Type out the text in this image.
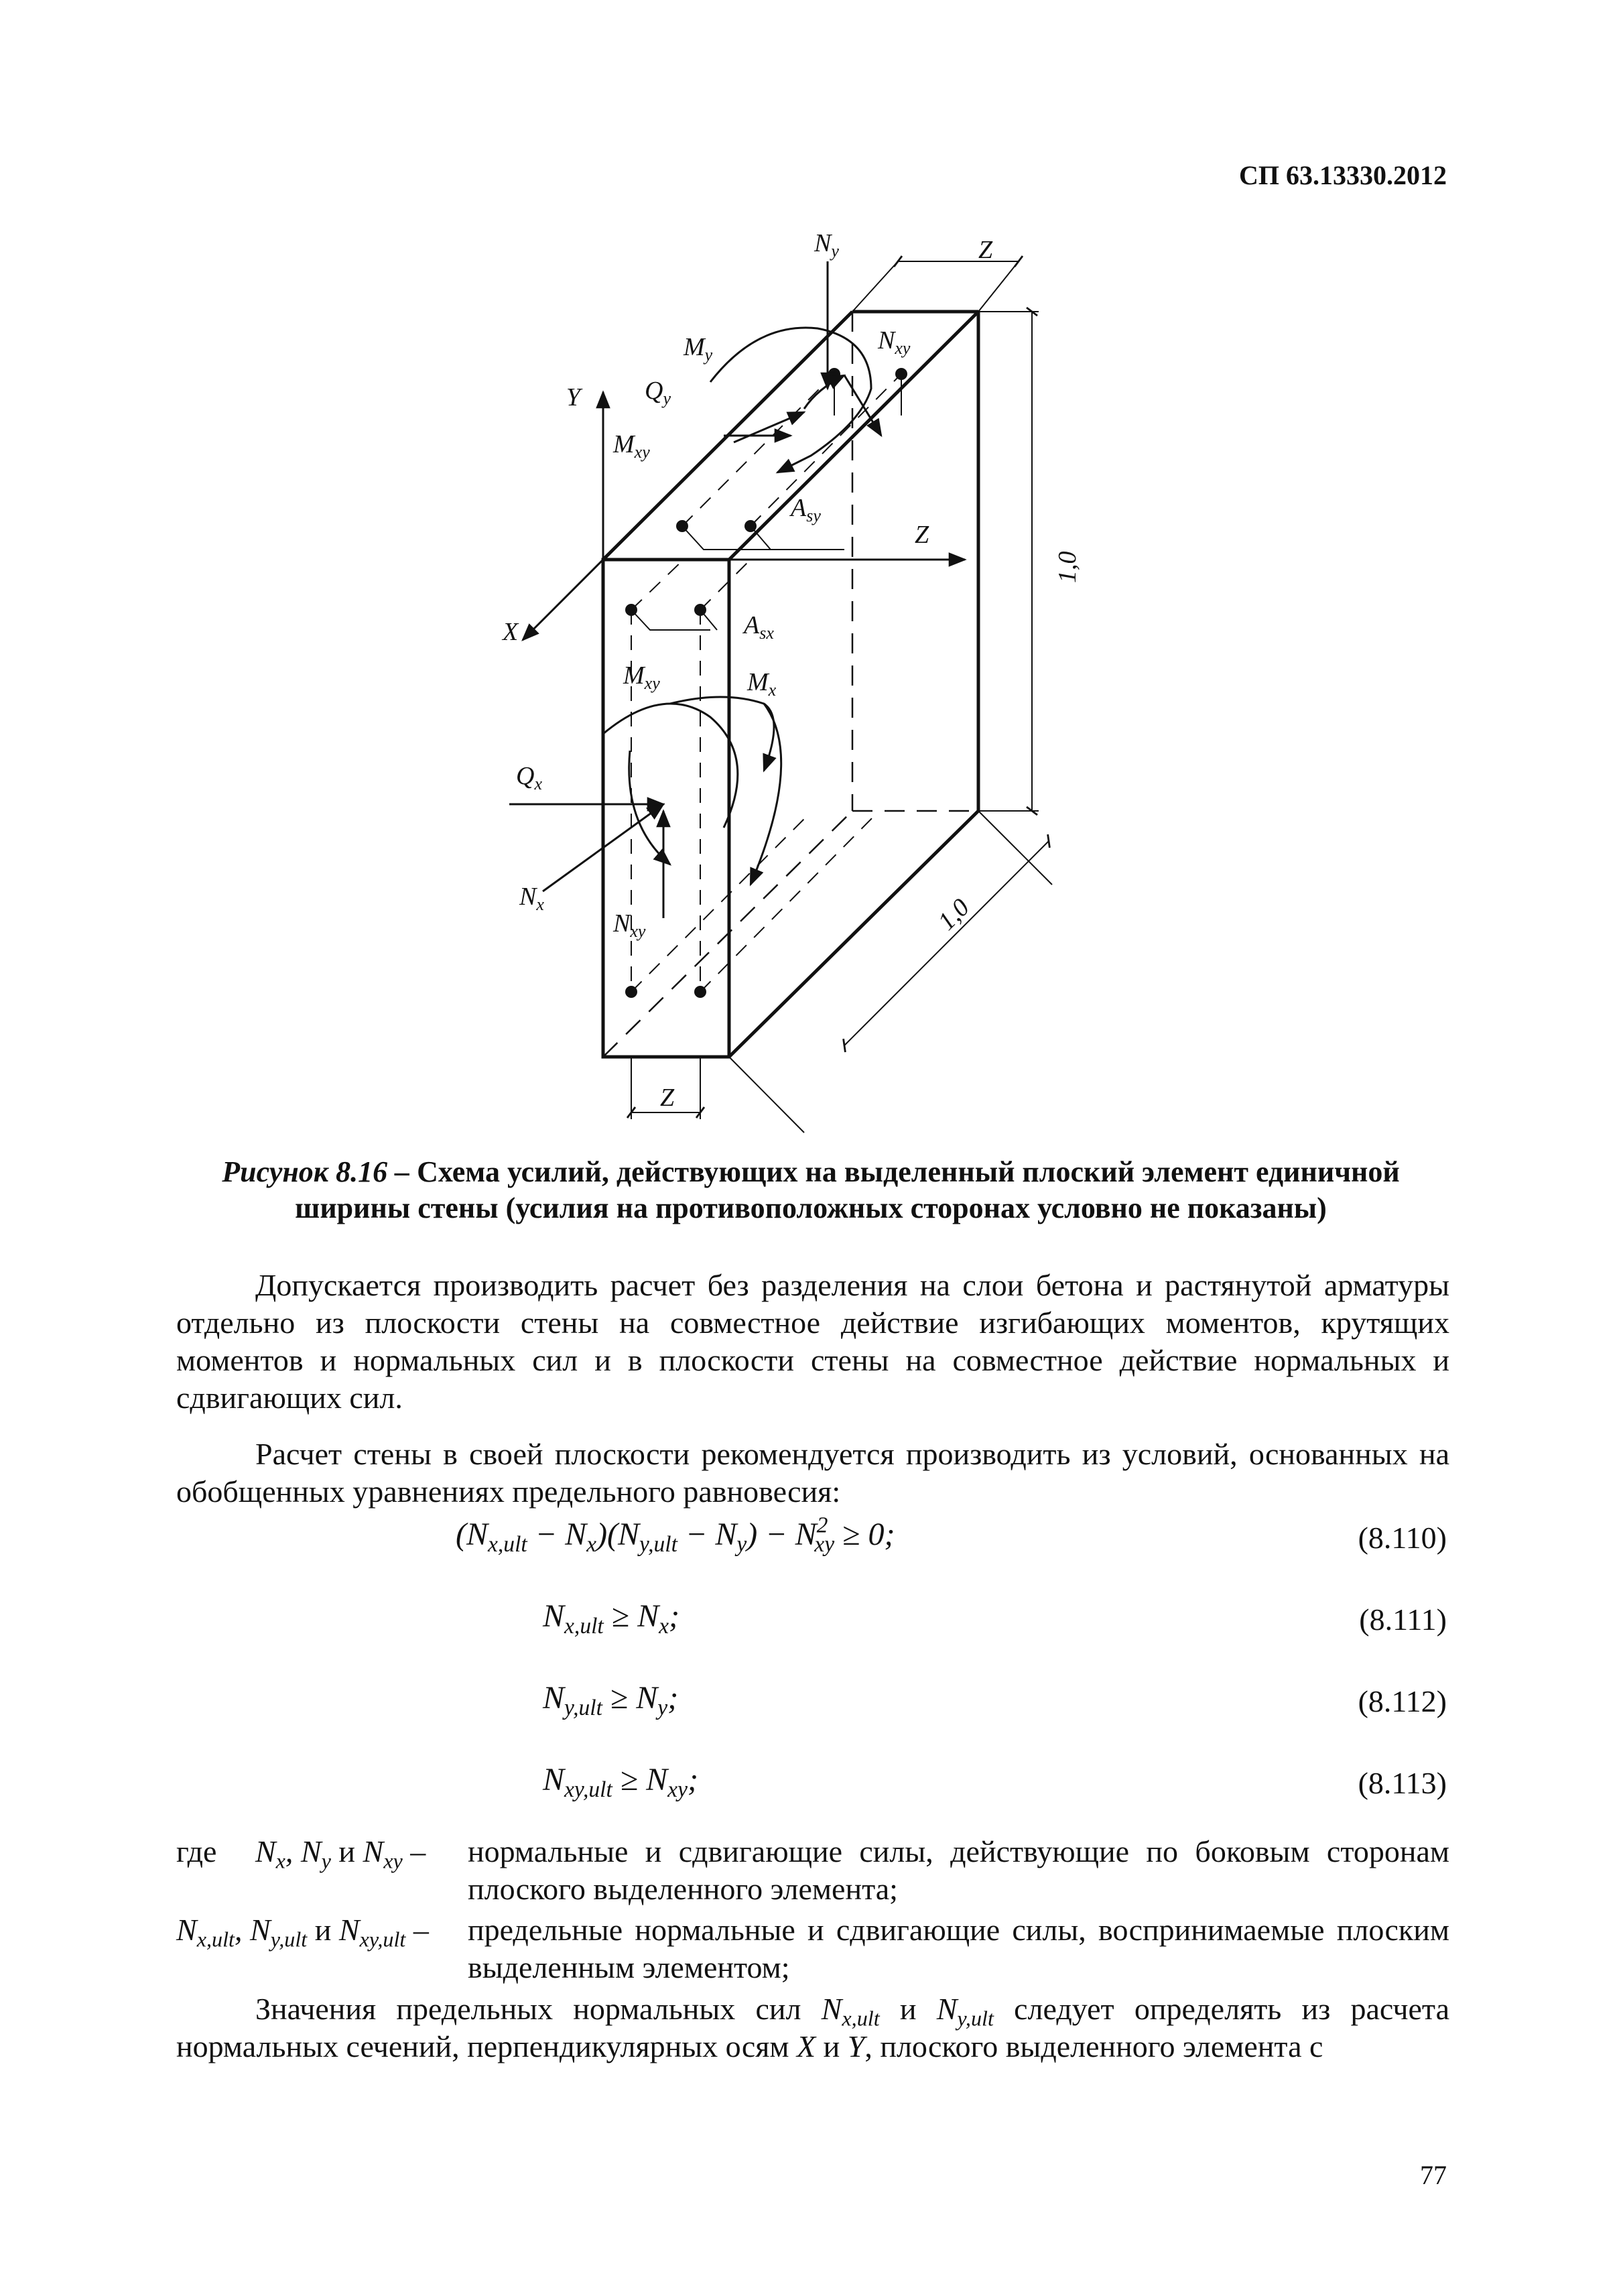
СП 63.13330.2012
Y
X
Z
Z
Z
$N_y$
$N_{xy}$
$M_y$
$Q_y$
$M_{xy}$
$A_{sy}$
$A_{sx}$
$M_{xy}$	$M_x$
$Q_x$
$N_x$
$N_{xy}$
1,0
1,0
Рисунок 8.16 – Схема усилий, действующих на выделенный плоский элемент единичной ширины стены (усилия на противоположных сторонах условно не показаны)
Допускается производить расчет без разделения на слои бетона и растянутой арматуры отдельно из плоскости стены на совместное действие изгибающих моментов, крутящих моментов и нормальных сил и в плоскости стены на совместное действие нормальных и сдвигающих сил.
Расчет стены в своей плоскости рекомендуется производить из условий, основанных на обобщенных уравнениях предельного равновесия:
$(N_{x,ult} - N_x)(N_{y,ult} - N_y) - N^2_{xy} \ge 0$;	(8.110)
$N_{x,ult} \ge N_x$;	(8.111)
$N_{y,ult} \ge N_y$;	(8.112)
$N_{xy,ult} \ge N_{xy}$;	(8.113)
где $N_x$, $N_y$ и $N_{xy}$ – нормальные и сдвигающие силы, действующие по боковым сторонам плоского выделенного элемента;
$N_{x,ult}$, $N_{y,ult}$ и $N_{xy,ult}$ – предельные нормальные и сдвигающие силы, воспринимаемые плоским выделенным элементом;
Значения предельных нормальных сил $N_{x,ult}$ и $N_{y,ult}$ следует определять из расчета нормальных сечений, перпендикулярных осям X и Y, плоского выделенного элемента с
77
